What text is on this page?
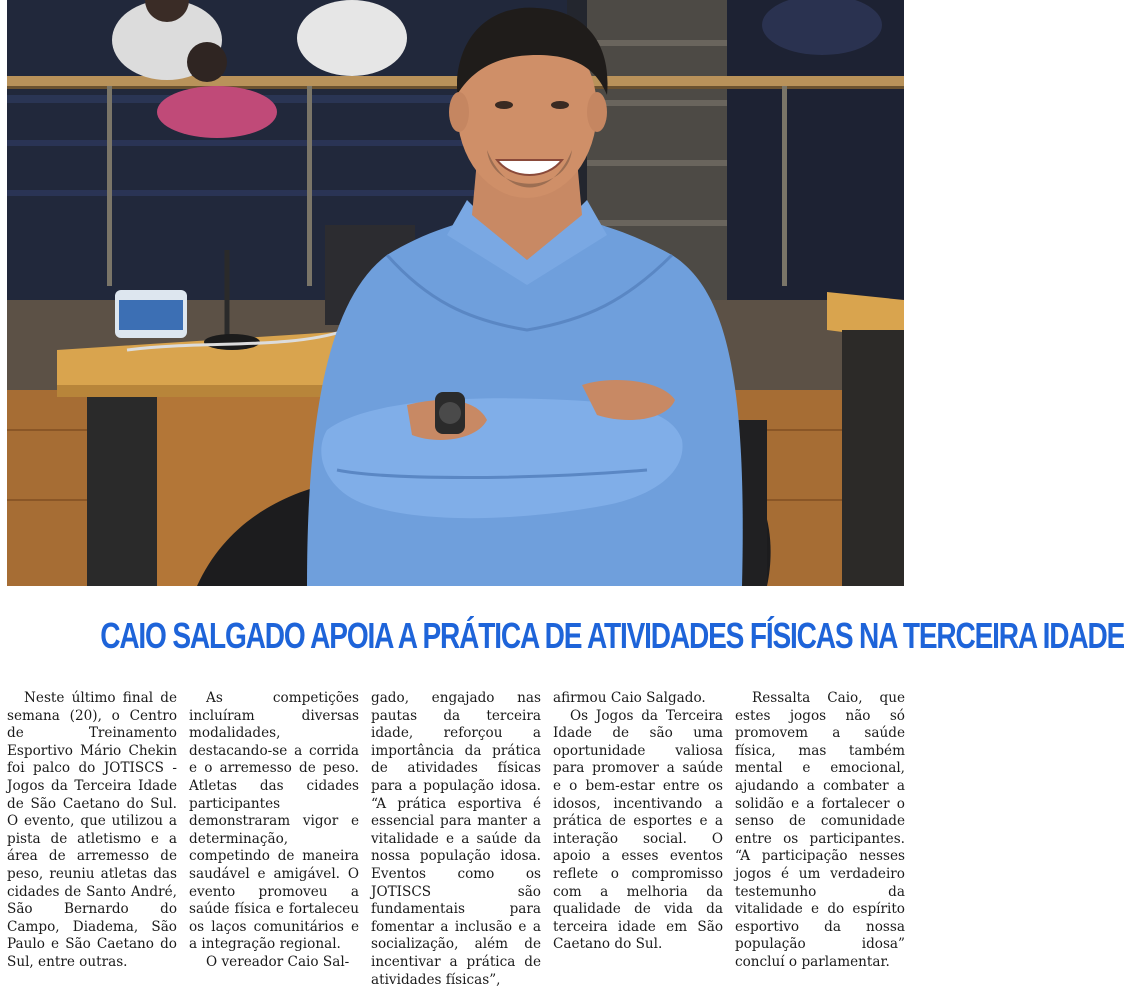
CAIO SALGADO APOIA A PRÁTICA DE ATIVIDADES FÍSICAS NA TERCEIRA IDADE

Neste último final de semana (20), o Centro de Treinamento Esportivo Mário Chekin foi palco do JOTISCS - Jogos da Terceira Idade de São Caetano do Sul. O evento, que utilizou a pista de atletismo e a área de arremesso de peso, reuniu atletas das cidades de Santo André, São Bernardo do Campo, Diadema, São Paulo e São Caetano do Sul, entre outras.

As competições incluíram diversas modalidades, destacando-se a corrida e o arremesso de peso. Atletas das cidades participantes demonstraram vigor e determinação, competindo de maneira saudável e amigável. O evento promoveu a saúde física e fortaleceu os laços comunitários e a integração regional.

O vereador Caio Sal-

gado, engajado nas pautas da terceira idade, reforçou a importância da prática de atividades físicas para a população idosa. “A prática esportiva é essencial para manter a vitalidade e a saúde da nossa população idosa. Eventos como os JOTISCS são fundamentais para fomentar a inclusão e a socialização, além de incentivar a prática de atividades físicas”,

afirmou Caio Salgado.

Os Jogos da Terceira Idade de são uma oportunidade valiosa para promover a saúde e o bem-estar entre os idosos, incentivando a prática de esportes e a interação social. O apoio a esses eventos reflete o compromisso com a melhoria da qualidade de vida da terceira idade em São Caetano do Sul.

Ressalta Caio, que estes jogos não só promovem a saúde física, mas também mental e emocional, ajudando a combater a solidão e a fortalecer o senso de comunidade entre os participantes. “A participação nesses jogos é um verdadeiro testemunho da vitalidade e do espírito esportivo da nossa população idosa” concluí o parlamentar.
